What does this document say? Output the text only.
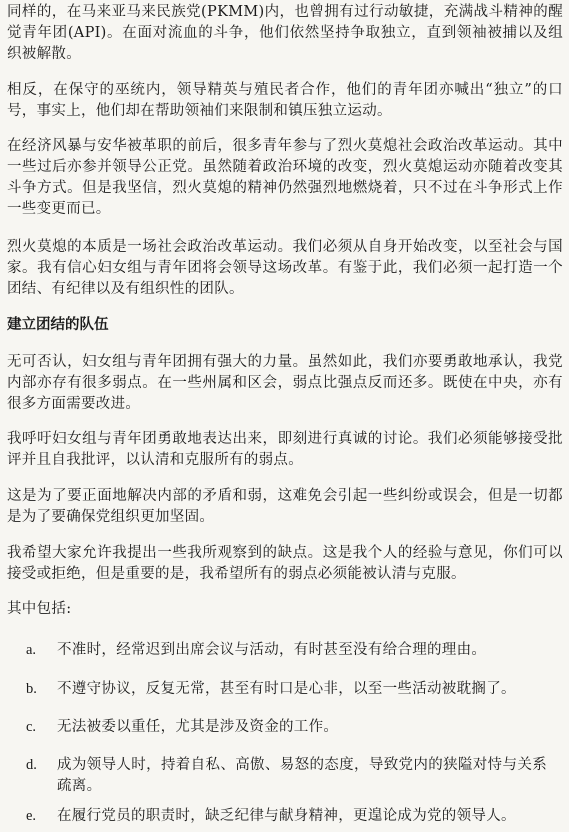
同样的，在马来亚马来民族党(PKMM)内，也曾拥有过行动敏捷，充满战斗精神的醒觉青年团(API)。在面对流血的斗争，他们依然坚持争取独立，直到领袖被捕以及组织被解散。

相反，在保守的巫统内，领导精英与殖民者合作，他们的青年团亦喊出“独立”的口号，事实上，他们却在帮助领袖们来限制和镇压独立运动。

在经济风暴与安华被革职的前后，很多青年参与了烈火莫熄社会政治改革运动。其中一些过后亦参并领导公正党。虽然随着政治环境的改变，烈火莫熄运动亦随着改变其斗争方式。但是我坚信，烈火莫熄的精神仍然强烈地燃烧着，只不过在斗争形式上作一些变更而已。

烈火莫熄的本质是一场社会政治改革运动。我们必须从自身开始改变，以至社会与国家。我有信心妇女组与青年团将会领导这场改革。有鉴于此，我们必须一起打造一个团结、有纪律以及有组织性的团队。

建立团结的队伍

无可否认，妇女组与青年团拥有强大的力量。虽然如此，我们亦要勇敢地承认，我党内部亦存有很多弱点。在一些州属和区会，弱点比强点反而还多。既使在中央，亦有很多方面需要改进。

我呼吁妇女组与青年团勇敢地表达出来，即刻进行真诚的讨论。我们必须能够接受批评并且自我批评，以认清和克服所有的弱点。

这是为了要正面地解决内部的矛盾和弱，这难免会引起一些纠纷或误会，但是一切都是为了要确保党组织更加坚固。

我希望大家允许我提出一些我所观察到的缺点。这是我个人的经验与意见，你们可以接受或拒绝，但是重要的是，我希望所有的弱点必须能被认清与克服。

其中包括:

a.	不准时，经常迟到出席会议与活动，有时甚至没有给合理的理由。
b.	不遵守协议，反复无常，甚至有时口是心非，以至一些活动被耽搁了。
c.	无法被委以重任，尤其是涉及资金的工作。
d.	成为领导人时，持着自私、高傲、易怒的态度，导致党内的狭隘对恃与关系疏离。
e.	在履行党员的职责时，缺乏纪律与献身精神，更遑论成为党的领导人。
